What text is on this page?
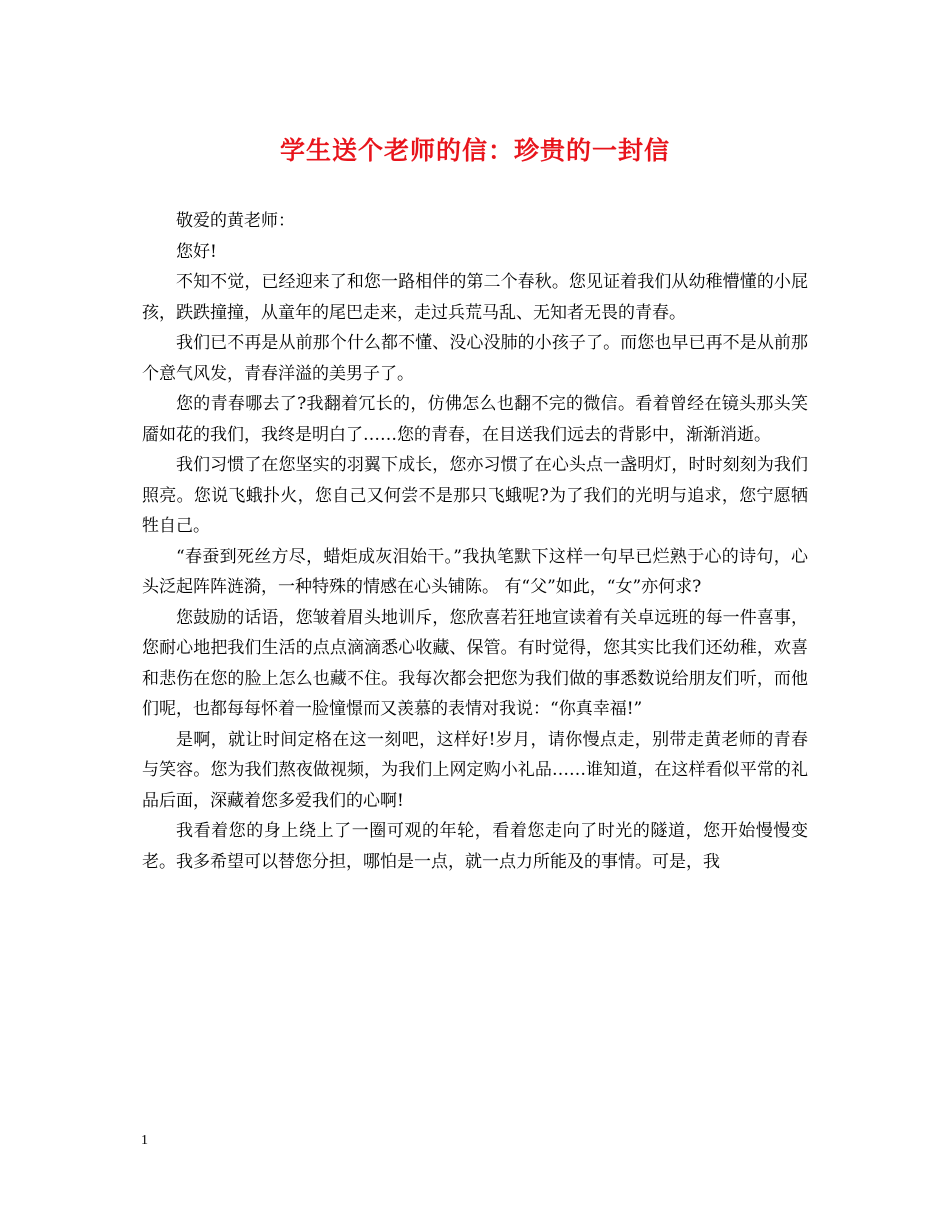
学生送个老师的信：珍贵的一封信

敬爱的黄老师：

您好!

不知不觉，已经迎来了和您一路相伴的第二个春秋。您见证着我们从幼稚懵懂的小屁孩，跌跌撞撞，从童年的尾巴走来，走过兵荒马乱、无知者无畏的青春。

我们已不再是从前那个什么都不懂、没心没肺的小孩子了。而您也早已再不是从前那个意气风发，青春洋溢的美男子了。

您的青春哪去了?我翻着冗长的，仿佛怎么也翻不完的微信。看着曾经在镜头那头笑靥如花的我们，我终是明白了……您的青春，在目送我们远去的背影中，渐渐消逝。

我们习惯了在您坚实的羽翼下成长，您亦习惯了在心头点一盏明灯，时时刻刻为我们照亮。您说飞蛾扑火，您自己又何尝不是那只飞蛾呢?为了我们的光明与追求，您宁愿牺牲自己。

“春蚕到死丝方尽，蜡炬成灰泪始干。”我执笔默下这样一句早已烂熟于心的诗句，心头泛起阵阵涟漪，一种特殊的情感在心头铺陈。 有“父”如此，“女”亦何求?

您鼓励的话语，您皱着眉头地训斥，您欣喜若狂地宣读着有关卓远班的每一件喜事，您耐心地把我们生活的点点滴滴悉心收藏、保管。有时觉得，您其实比我们还幼稚，欢喜和悲伤在您的脸上怎么也藏不住。我每次都会把您为我们做的事悉数说给朋友们听，而他们呢，也都每每怀着一脸憧憬而又羡慕的表情对我说：“你真幸福!”

是啊，就让时间定格在这一刻吧，这样好!岁月，请你慢点走，别带走黄老师的青春与笑容。您为我们熬夜做视频，为我们上网定购小礼品……谁知道，在这样看似平常的礼品后面，深藏着您多爱我们的心啊!

我看着您的身上绕上了一圈可观的年轮，看着您走向了时光的隧道，您开始慢慢变老。我多希望可以替您分担，哪怕是一点，就一点力所能及的事情。可是，我

1
